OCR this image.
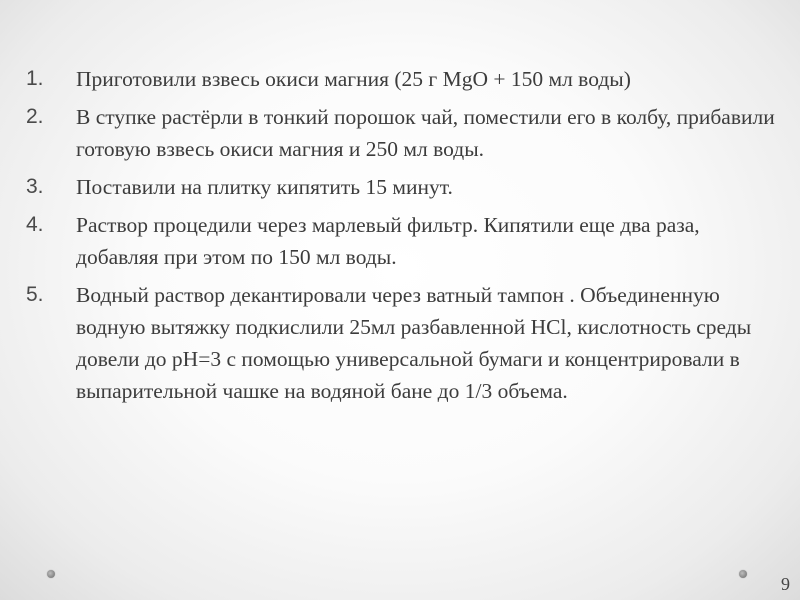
1.	Приготовили взвесь окиси магния (25 г MgO + 150 мл воды)
2.	В ступке растёрли в тонкий порошок чай, поместили его в колбу, прибавили готовую взвесь окиси магния и 250 мл воды.
3.	Поставили на плитку кипятить 15 минут.
4.	Раствор процедили через марлевый фильтр. Кипятили еще два раза, добавляя при этом по 150 мл воды.
5.	Водный раствор декантировали через ватный тампон . Объединенную водную вытяжку подкислили 25мл разбавленной HCl, кислотность среды довели до pH=3 с помощью универсальной бумаги и концентрировали в выпарительной чашке на водяной бане до 1/3 объема.
9
